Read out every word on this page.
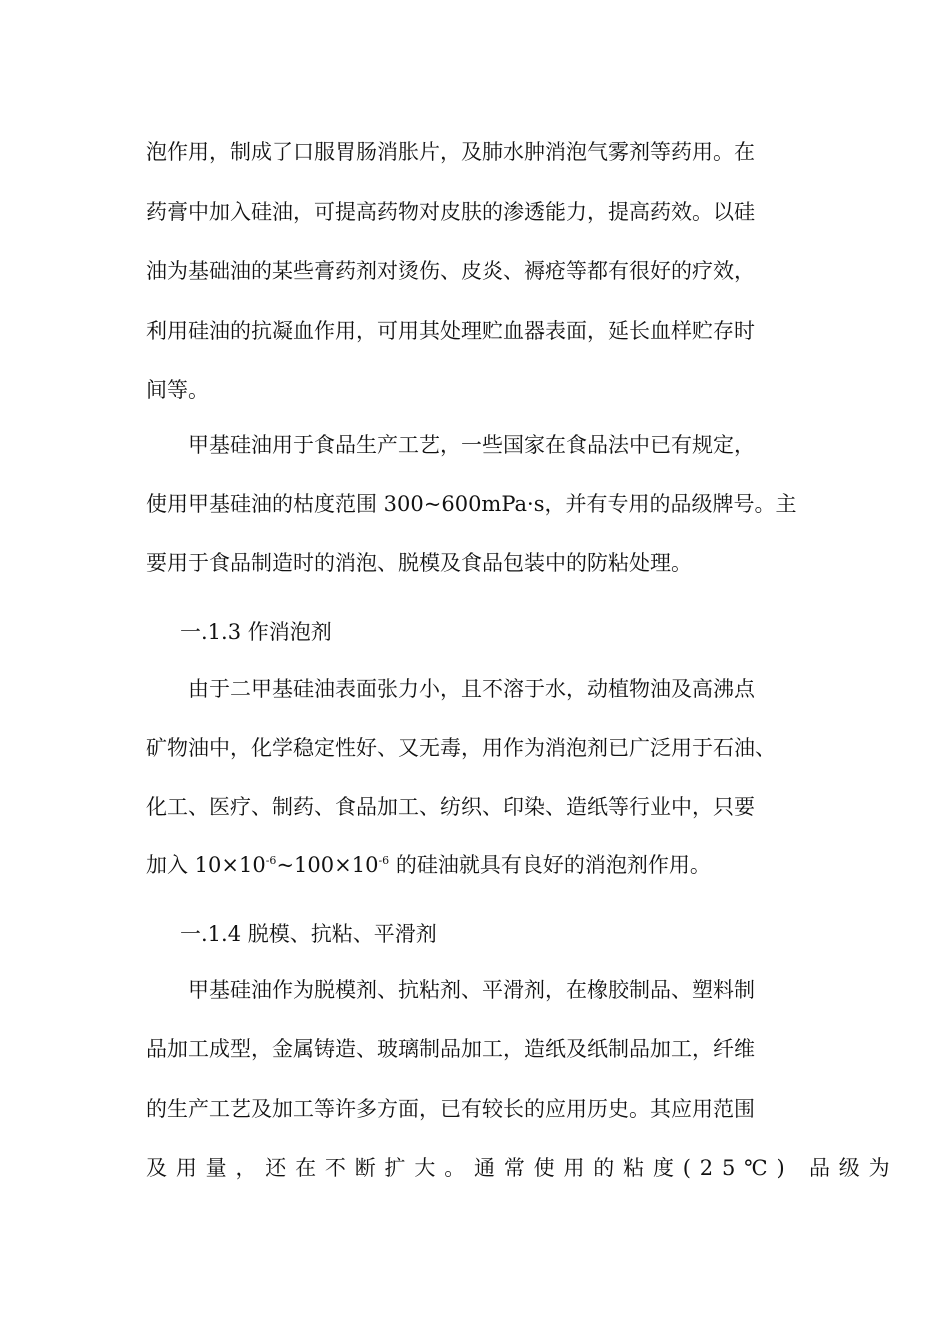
泡作用，制成了口服胃肠消胀片，及肺水肿消泡气雾剂等药用。在
药膏中加入硅油，可提高药物对皮肤的渗透能力，提高药效。以硅
油为基础油的某些膏药剂对烫伤、皮炎、褥疮等都有很好的疗效，
利用硅油的抗凝血作用，可用其处理贮血器表面，延长血样贮存时
间等。
甲基硅油用于食品生产工艺，一些国家在食品法中已有规定，
使用甲基硅油的枯度范围 300~600mPa·s，并有专用的品级牌号。主
要用于食品制造时的消泡、脱模及食品包装中的防粘处理。
一.1.3 作消泡剂
由于二甲基硅油表面张力小，且不溶于水，动植物油及高沸点
矿物油中，化学稳定性好、又无毒，用作为消泡剂已广泛用于石油、
化工、医疗、制药、食品加工、纺织、印染、造纸等行业中，只要
加入 $10\times 10^{-6}\sim 100\times 10^{-6}$ 的硅油就具有良好的消泡剂作用。
一.1.4 脱模、抗粘、平滑剂
甲基硅油作为脱模剂、抗粘剂、平滑剂，在橡胶制品、塑料制
品加工成型，金属铸造、玻璃制品加工，造纸及纸制品加工，纤维
的生产工艺及加工等许多方面，已有较长的应用历史。其应用范围
及用量，还在不断扩大。通常使用的粘度(25℃) 品级为
